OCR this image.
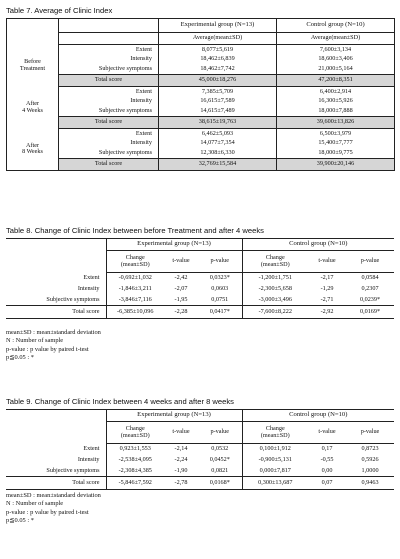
Table 7. Average of Clinic Index
		Experimental group (N=13)	Control group (N=10)
		Average(mean±SD)	Average(mean±SD)
Before
Treatment	Extent	8,077±5,619	7,600±3,134
	Intensity	18,462±6,839	18,600±3,406
	Subjective symptoms	18,462±7,742	21,000±5,164
	Total score	45,000±18,276	47,200±8,351
After
4 Weeks	Extent	7,385±5,709	6,400±2,914
	Intensity	16,615±7,589	16,300±5,926
	Subjective symptoms	14,615±7,489	18,000±7,888
	Total score	38,615±19,763	39,600±13,826
After
8 Weeks	Extent	6,462±5,093	6,500±3,979
	Intensity	14,077±7,354	15,400±7,777
	Subjective symptoms	12,308±6,330	18,000±9,775
	Total score	32,769±15,584	39,900±20,146
Table 8. Change of Clinic Index between before Treatment and after 4 weeks
	Experimental group (N=13)			Control group (N=10)		
	Change
(mean±SD)	t-value	p-value	Change
(mean±SD)	t-value	p-value
Extent	-0,692±1,032	-2,42	0,0323*	-1,200±1,751	-2,17	0,0584
Intensity	-1,846±3,211	-2,07	0,0603	-2,300±5,658	-1,29	0,2307
Subjective symptoms	-3,846±7,116	-1,95	0,0751	-3,000±3,496	-2,71	0,0239*
Total score	-6,385±10,096	-2,28	0,0417*	-7,600±8,222	-2,92	0,0169*
mean±SD : mean±standard deviation
N : Number of sample
p-value : p value by paired t-test
p≦0.05 : *
Table 9. Change of Clinic Index between 4 weeks and after 8 weeks
	Experimental group (N=13)			Control group (N=10)		
	Change
(mean±SD)	t-value	p-value	Change
(mean±SD)	t-value	p-value
Extent	0,923±1,553	-2,14	0,0532	0,100±1,912	0,17	0,8723
Intensity	-2,538±4,095	-2,24	0,0452*	-0,900±5,131	-0,55	0,5926
Subjective symptoms	-2,308±4,385	-1,90	0,0821	0,000±7,817	0,00	1,0000
Total score	-5,846±7,592	-2,78	0,0168*	0,300±13,687	0,07	0,9463
mean±SD : mean±standard deviation
N : Number of sample
p-value : p value by paired t-test
p≦0.05 : *
